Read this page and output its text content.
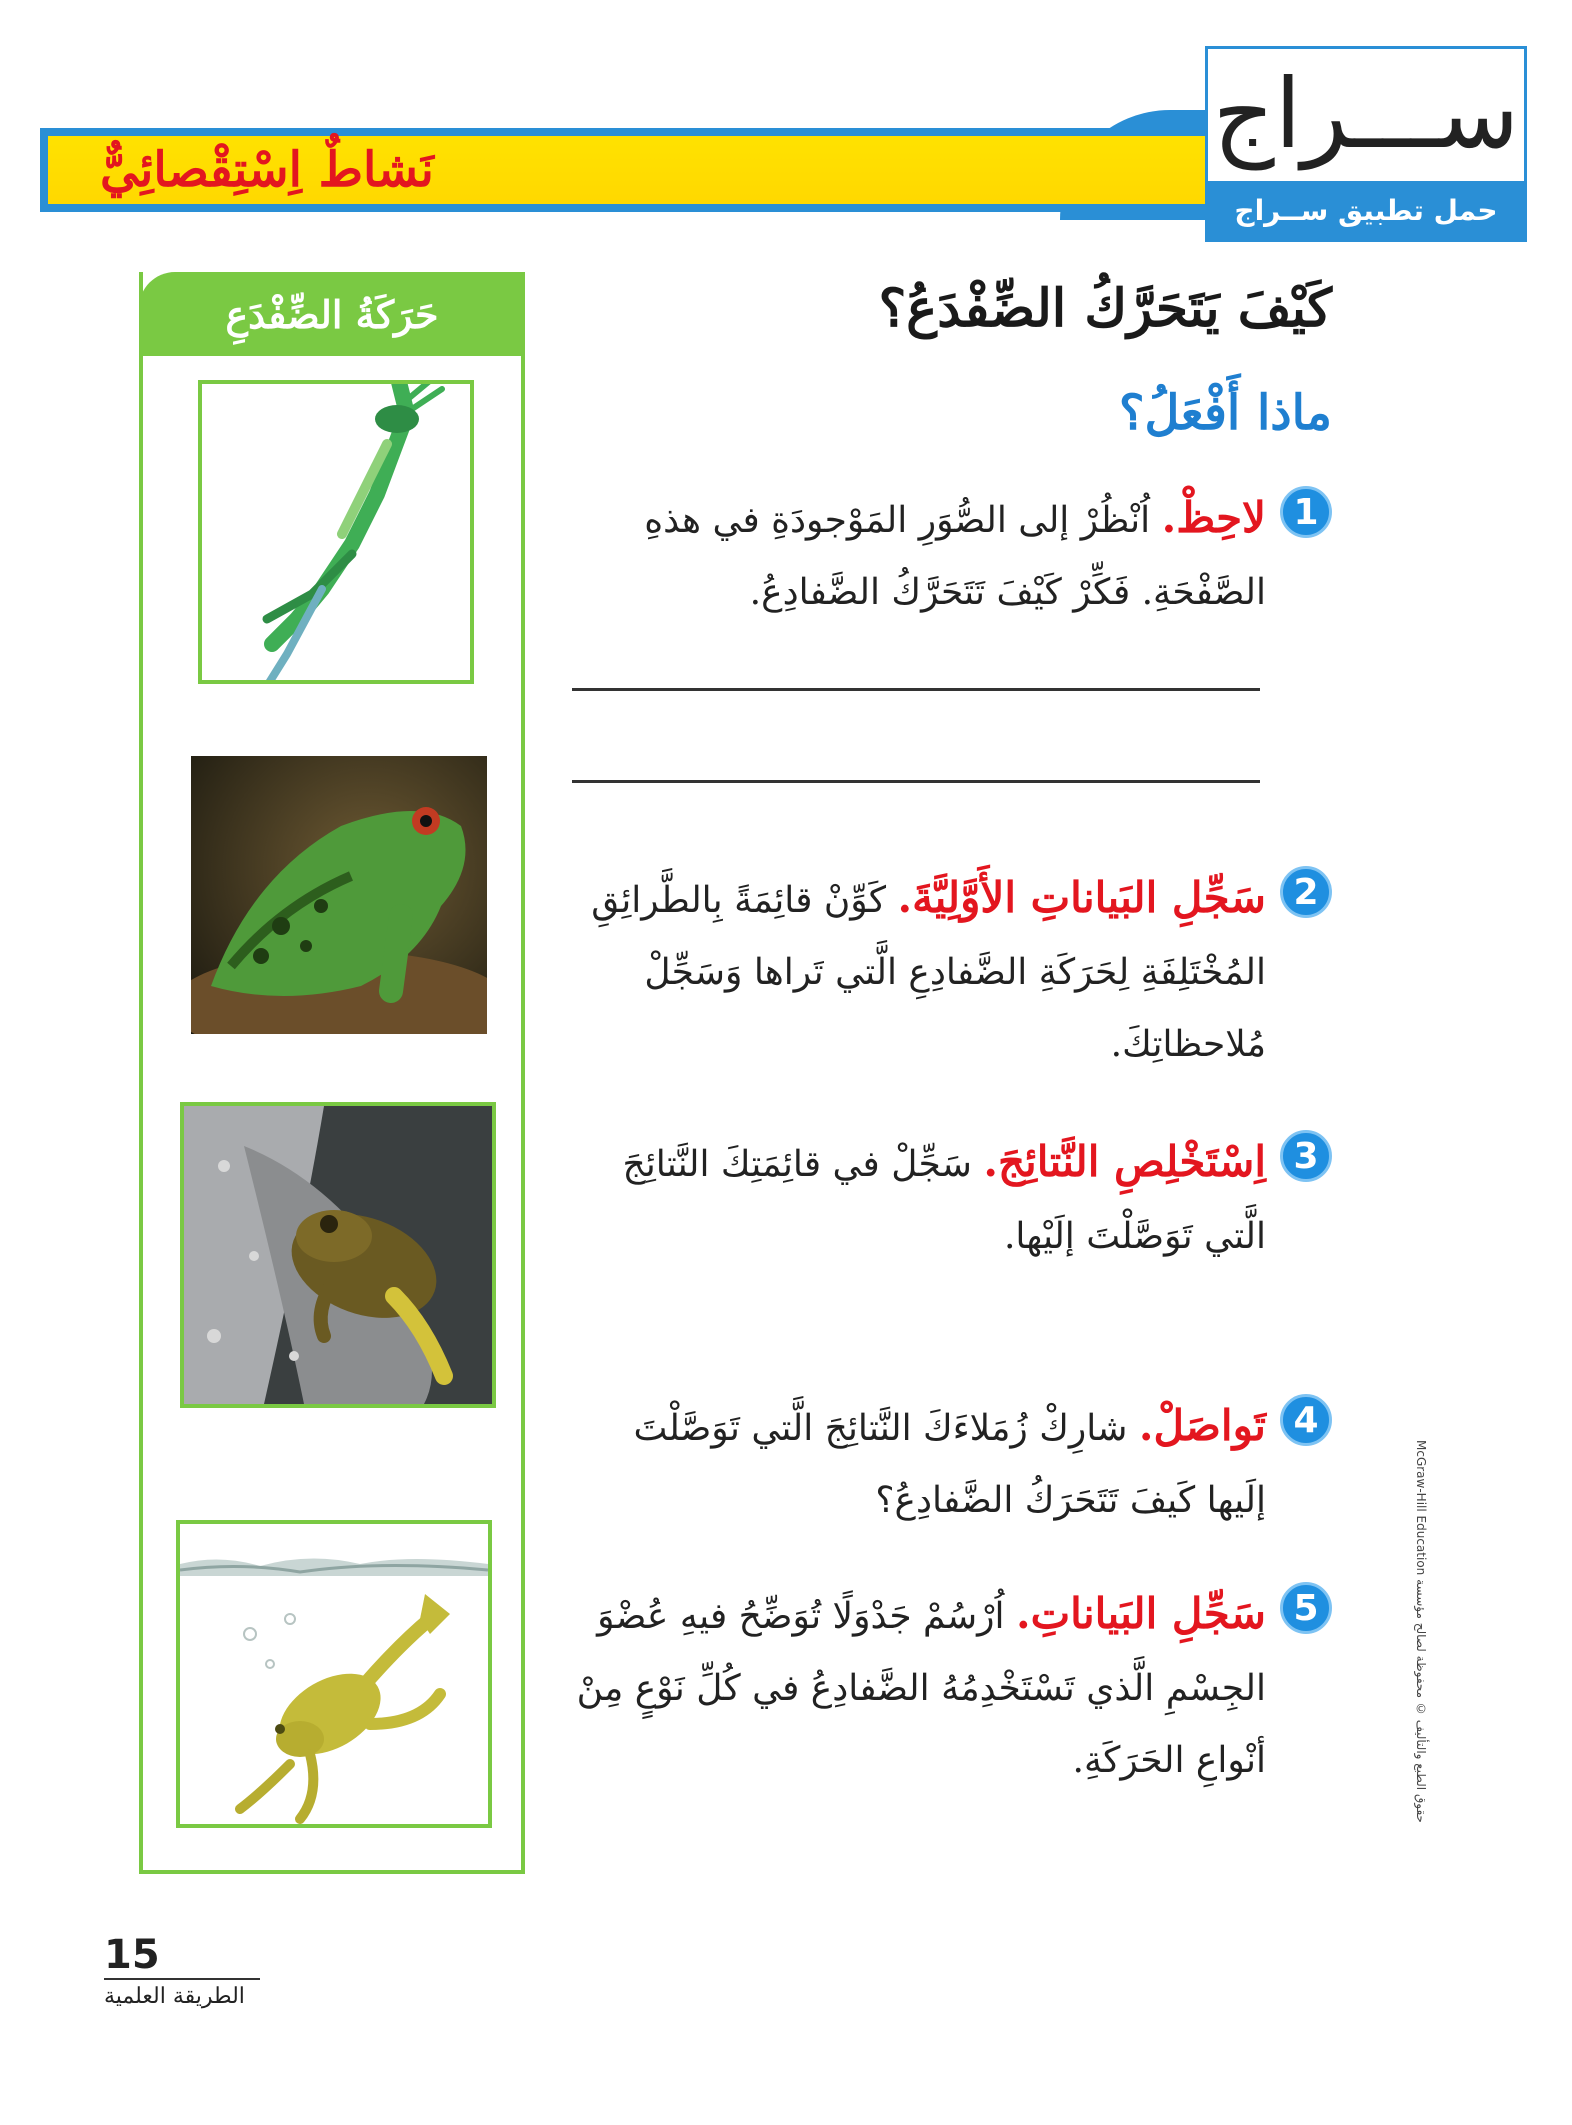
نَشاطٌ اِسْتِقْصائِيٌّ	ســـراج
حمل تطبيق ســراج
كَيْفَ يَتَحَرَّكُ الضِّفْدَعُ؟
ماذا أَفْعَلُ؟
1
لاحِظْ. اُنْظُرْ إلى الصُّوَرِ المَوْجودَةِ في هذهِ الصَّفْحَةِ. فَكِّرْ كَيْفَ تَتَحَرَّكُ الضَّفادِعُ.
2
سَجِّلِ البَياناتِ الأَوَّلِيَّةَ. كَوِّنْ قائِمَةً بِالطَّرائِقِ المُخْتَلِفَةِ لِحَرَكَةِ الضَّفادِعِ الَّتي تَراها وَسَجِّلْ مُلاحظاتِكَ.
3
اِسْتَخْلِصِ النَّتائِجَ. سَجِّلْ في قائِمَتِكَ النَّتائِجَ الَّتي تَوَصَّلْتَ إلَيْها.
4
تَواصَلْ. شارِكْ زُمَلاءَكَ النَّتائِجَ الَّتي تَوَصَّلْتَ إلَيها كَيفَ تَتَحَرَكُ الضَّفادِعُ؟
5
سَجِّلِ البَياناتِ. اُرْسُمْ جَدْوَلًا تُوَضِّحُ فيهِ عُضْوَ الجِسْمِ الَّذي تَسْتَخْدِمُهُ الضَّفادِعُ في كُلِّ نَوْعٍ مِنْ أنْواعِ الحَرَكَةِ.
حَرَكَةُ الضِّفْدَعِ
McGraw-Hill Education حقوق الطبع والتأليف © محفوظة لصالح مؤسسة
15
الطريقة العلمية
